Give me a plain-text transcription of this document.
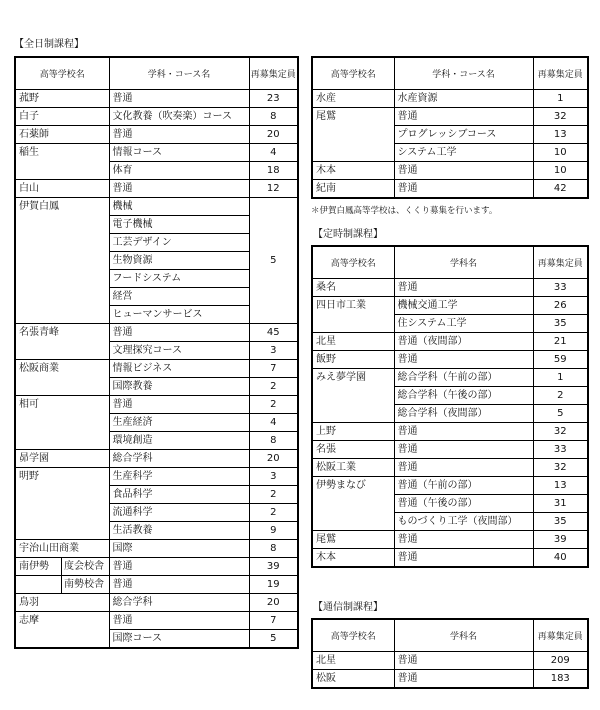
【全日制課程】
高等学校名	学科・コース名	再募集定員
菰野	普通	23
白子	文化教養（吹奏楽）コース	8
石薬師	普通	20
稲生	情報コース	4
	体育	18
白山	普通	12
伊賀白鳳	機械	5
	電子機械	
	工芸デザイン	
	生物資源	
	フードシステム	
	経営	
	ヒューマンサービス	
名張青峰	普通	45
	文理探究コース	3
松阪商業	情報ビジネス	7
	国際教養	2
相可	普通	2
	生産経済	4
	環境創造	8
昴学園	総合学科	20
明野	生産科学	3
	食品科学	2
	流通科学	2
	生活教養	9
宇治山田商業	国際	8

南伊勢 度会校舎	普通	39

南勢校舎	普通	19
鳥羽	総合学科	20
志摩	普通	7
	国際コース	5
高等学校名	学科・コース名	再募集定員
水産	水産資源	1
尾鷲	普通	32
	プログレッシブコース	13
	システム工学	10
木本	普通	10
紀南	普通	42
＊伊賀白鳳高等学校は、くくり募集を行います。
【定時制課程】
高等学校名	学科名	再募集定員
桑名	普通	33
四日市工業	機械交通工学	26
	住システム工学	35
北星	普通（夜間部）	21
飯野	普通	59
みえ夢学園	総合学科（午前の部）	1
	総合学科（午後の部）	2
	総合学科（夜間部）	5
上野	普通	32
名張	普通	33
松阪工業	普通	32
伊勢まなび	普通（午前の部）	13
	普通（午後の部）	31
	ものづくり工学（夜間部）	35
尾鷲	普通	39
木本	普通	40
【通信制課程】
高等学校名	学科名	再募集定員
北星	普通	209
松阪	普通	183
